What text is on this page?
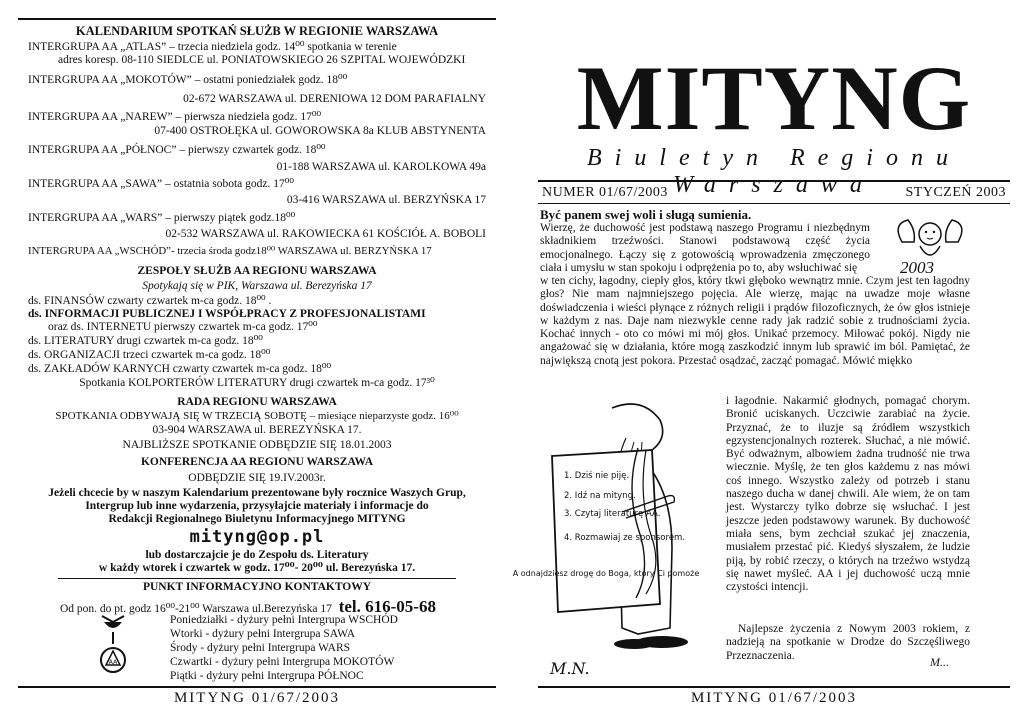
KALENDARIUM SPOTKAŃ SŁUŻB W REGIONIE WARSZAWA
INTERGRUPA AA „ATLAS” – trzecia niedziela godz. 14⁰⁰ spotkania w terenie
adres koresp. 08-110 SIEDLCE ul. PONIATOWSKIEGO 26 SZPITAL WOJEWÓDZKI
INTERGRUPA AA „MOKOTÓW” – ostatni poniedziałek godz. 18⁰⁰
02-672 WARSZAWA ul. DERENIOWA 12 DOM PARAFIALNY
INTERGRUPA AA „NAREW” – pierwsza niedziela godz. 17⁰⁰
07-400 OSTROŁĘKA ul. GOWOROWSKA 8a KLUB ABSTYNENTA
INTERGRUPA AA „PÓŁNOC” – pierwszy czwartek godz. 18⁰⁰
01-188 WARSZAWA ul. KAROLKOWA 49a
INTERGRUPA AA „SAWA” – ostatnia sobota godz. 17⁰⁰
03-416 WARSZAWA ul. BERZYŃSKA 17
INTERGRUPA AA „WARS” – pierwszy piątek godz.18⁰⁰
02-532 WARSZAWA ul. RAKOWIECKA 61 KOŚCIÓŁ A. BOBOLI
INTERGRUPA AA „WSCHÓD”- trzecia środa godz18⁰⁰ WARSZAWA ul. BERZYŃSKA 17
ZESPOŁY SŁUŻB AA REGIONU WARSZAWA
Spotykają się w PIK, Warszawa ul. Berezyńska 17
ds. FINANSÓW czwarty czwartek m-ca godz. 18⁰⁰ .
ds. INFORMACJI PUBLICZNEJ I WSPÓŁPRACY Z PROFESJONALISTAMI
oraz ds. INTERNETU pierwszy czwartek m-ca godz. 17⁰⁰
ds. LITERATURY drugi czwartek m-ca godz. 18⁰⁰
ds. ORGANIZACJI trzeci czwartek m-ca godz. 18⁰⁰
ds. ZAKŁADÓW KARNYCH czwarty czwartek m-ca godz. 18⁰⁰
Spotkania KOLPORTERÓW LITERATURY drugi czwartek m-ca godz. 17³⁰
RADA REGIONU WARSZAWA
SPOTKANIA ODBYWAJĄ SIĘ W TRZECIĄ SOBOTĘ – miesiące nieparzyste godz. 16⁰⁰
03-904 WARSZAWA ul. BEREZYŃSKA 17.
NAJBLIŻSZE SPOTKANIE ODBĘDZIE SIĘ 18.01.2003
KONFERENCJA AA REGIONU WARSZAWA
ODBĘDZIE SIĘ 19.IV.2003r.
Jeżeli chcecie by w naszym Kalendarium prezentowane były rocznice Waszych Grup,
Intergrup lub inne wydarzenia, przysyłajcie materiały i informacje do
Redakcji Regionalnego Biuletynu Informacyjnego MITYNG
mityng@op.pl
lub dostarczajcie je do Zespołu ds. Literatury
w każdy wtorek i czwartek w godz. 17⁰⁰- 20⁰⁰ ul. Berezyńska 17.
PUNKT INFORMACYJNO KONTAKTOWY
Od pon. do pt. godz 16⁰⁰-21⁰⁰ Warszawa ul.Berezyńska 17 tel. 616-05-68
AA
Poniedziałki - dyżury pełni Intergrupa WSCHÓD
Wtorki - dyżury pełni Intergrupa SAWA
Środy - dyżury pełni Intergrupa WARS
Czwartki - dyżury pełni Intergrupa MOKOTÓW
Piątki - dyżury pełni Intergrupa PÓŁNOC
MITYNG 01/67/2003
MITYNG
Biuletyn Regionu Warszawa
NUMER 01/67/2003	STYCZEŃ 2003
Być panem swej woli i sługą sumienia.
Wierzę, że duchowość jest podstawą naszego Programu i niezbędnym składnikiem trzeźwości. Stanowi podstawową część życia emocjonalnego. Łączy się z gotowością wprowadzenia zmęczonego ciała i umysłu w stan spokoju i odprężenia po to, aby wsłuchiwać się	2003
w ten cichy, łagodny, ciepły głos, który tkwi głęboko wewnątrz mnie. Czym jest ten łagodny głos? Nie mam najmniejszego pojęcia. Ale wierzę, mając na uwadze moje własne doświadczenia i wieści płynące z różnych religii i prądów filozoficznych, że ów głos istnieje w każdym z nas. Daje nam niezwykle cenne rady jak radzić sobie z trudnościami życia. Kochać innych - oto co mówi mi mój głos. Unikać przemocy. Miłować pokój. Nigdy nie angażować się w działania, które mogą zaszkodzić innym lub sprawić im ból. Pamiętać, że największą cnotą jest pokora. Przestać osądzać, zacząć pomagać. Mówić miękko
i łagodnie. Nakarmić głodnych, pomagać chorym. Bronić uciskanych. Uczciwie zarabiać na życie. Przyznać, że to iluzje są źródłem wszystkich egzystencjonalnych rozterek. Słuchać, a nie mówić. Być odważnym, albowiem żadna trudność nie trwa wiecznie. Myślę, że ten głos każdemu z nas mówi coś innego. Wszystko zależy od potrzeb i stanu naszego ducha w danej chwili. Ale wiem, że on tam jest. Wystarczy tylko dobrze się wsłuchać. I jest jeszcze jeden podstawowy warunek. By duchowość miała sens, bym zechciał szukać jej znaczenia, musiałem przestać pić. Kiedyś słyszałem, że ludzie piją, by robić rzeczy, o których na trzeźwo wstydzą się nawet myśleć. AA i jej duchowość uczą mnie czystości intencji.
Najlepsze życzenia z Nowym 2003 rokiem, z nadzieją na spotkanie w Drodze do Szczęśliwego Przeznaczenia.	M...
1. Dziś nie piję. 2. Idź na mityng. 3. Czytaj literaturę AA. 4. Rozmawiaj ze sponsorem.
A odnajdziesz drogę do Boga, który Ci pomoże
M.N.
MITYNG 01/67/2003
